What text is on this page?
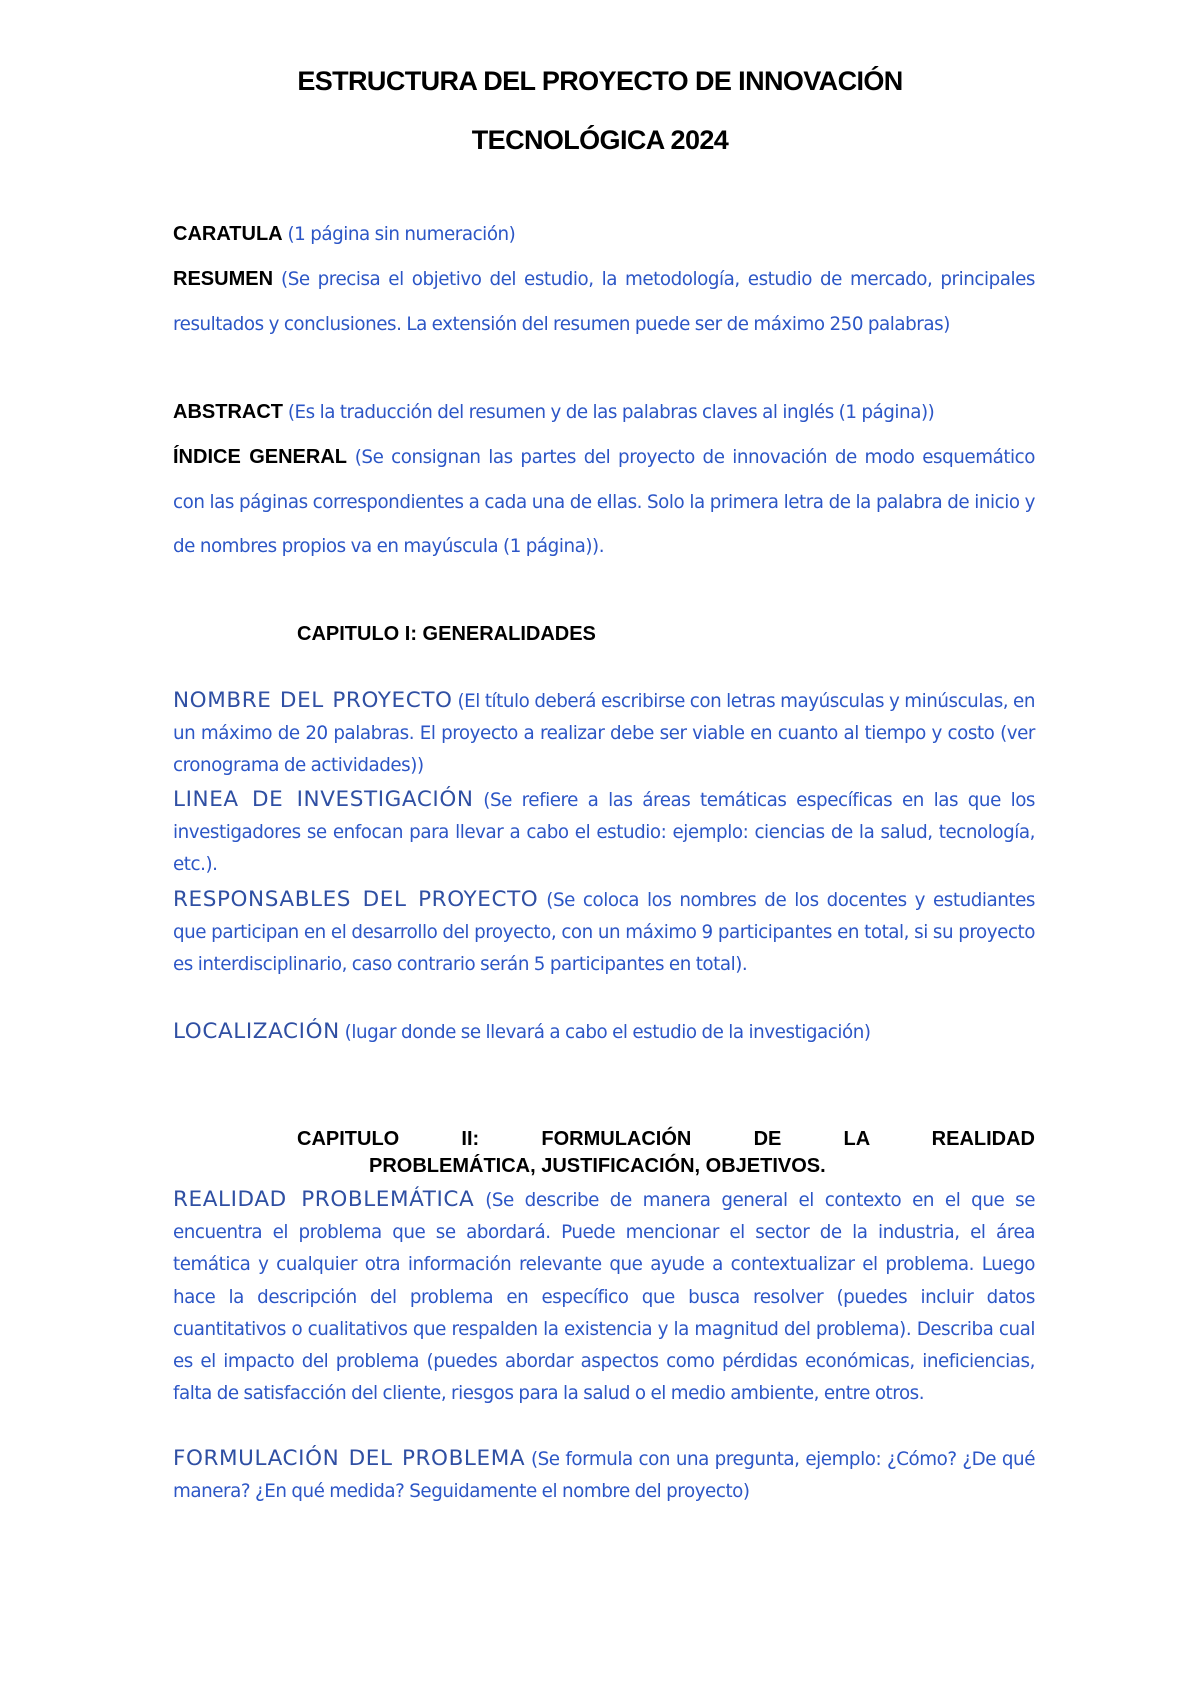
ESTRUCTURA DEL PROYECTO DE INNOVACIÓN
TECNOLÓGICA 2024

CARATULA (1 página sin numeración)

RESUMEN (Se precisa el objetivo del estudio, la metodología, estudio de mercado, principales resultados y conclusiones. La extensión del resumen puede ser de máximo 250 palabras)

ABSTRACT (Es la traducción del resumen y de las palabras claves al inglés (1 página))

ÍNDICE GENERAL (Se consignan las partes del proyecto de innovación de modo esquemático con las páginas correspondientes a cada una de ellas. Solo la primera letra de la palabra de inicio y de nombres propios va en mayúscula (1 página)).

CAPITULO I: GENERALIDADES

NOMBRE DEL PROYECTO (El título deberá escribirse con letras mayúsculas y minúsculas, en un máximo de 20 palabras. El proyecto a realizar debe ser viable en cuanto al tiempo y costo (ver cronograma de actividades))

LINEA DE INVESTIGACIÓN (Se refiere a las áreas temáticas específicas en las que los investigadores se enfocan para llevar a cabo el estudio: ejemplo: ciencias de la salud, tecnología, etc.).

RESPONSABLES DEL PROYECTO (Se coloca los nombres de los docentes y estudiantes que participan en el desarrollo del proyecto, con un máximo 9 participantes en total, si su proyecto es interdisciplinario, caso contrario serán 5 participantes en total).

LOCALIZACIÓN (lugar donde se llevará a cabo el estudio de la investigación)

CAPITULO II: FORMULACIÓN DE LA REALIDAD
PROBLEMÁTICA, JUSTIFICACIÓN, OBJETIVOS.

REALIDAD PROBLEMÁTICA (Se describe de manera general el contexto en el que se encuentra el problema que se abordará. Puede mencionar el sector de la industria, el área temática y cualquier otra información relevante que ayude a contextualizar el problema. Luego hace la descripción del problema en específico que busca resolver (puedes incluir datos cuantitativos o cualitativos que respalden la existencia y la magnitud del problema). Describa cual es el impacto del problema (puedes abordar aspectos como pérdidas económicas, ineficiencias, falta de satisfacción del cliente, riesgos para la salud o el medio ambiente, entre otros.

FORMULACIÓN DEL PROBLEMA (Se formula con una pregunta, ejemplo: ¿Cómo? ¿De qué manera? ¿En qué medida? Seguidamente el nombre del proyecto)
